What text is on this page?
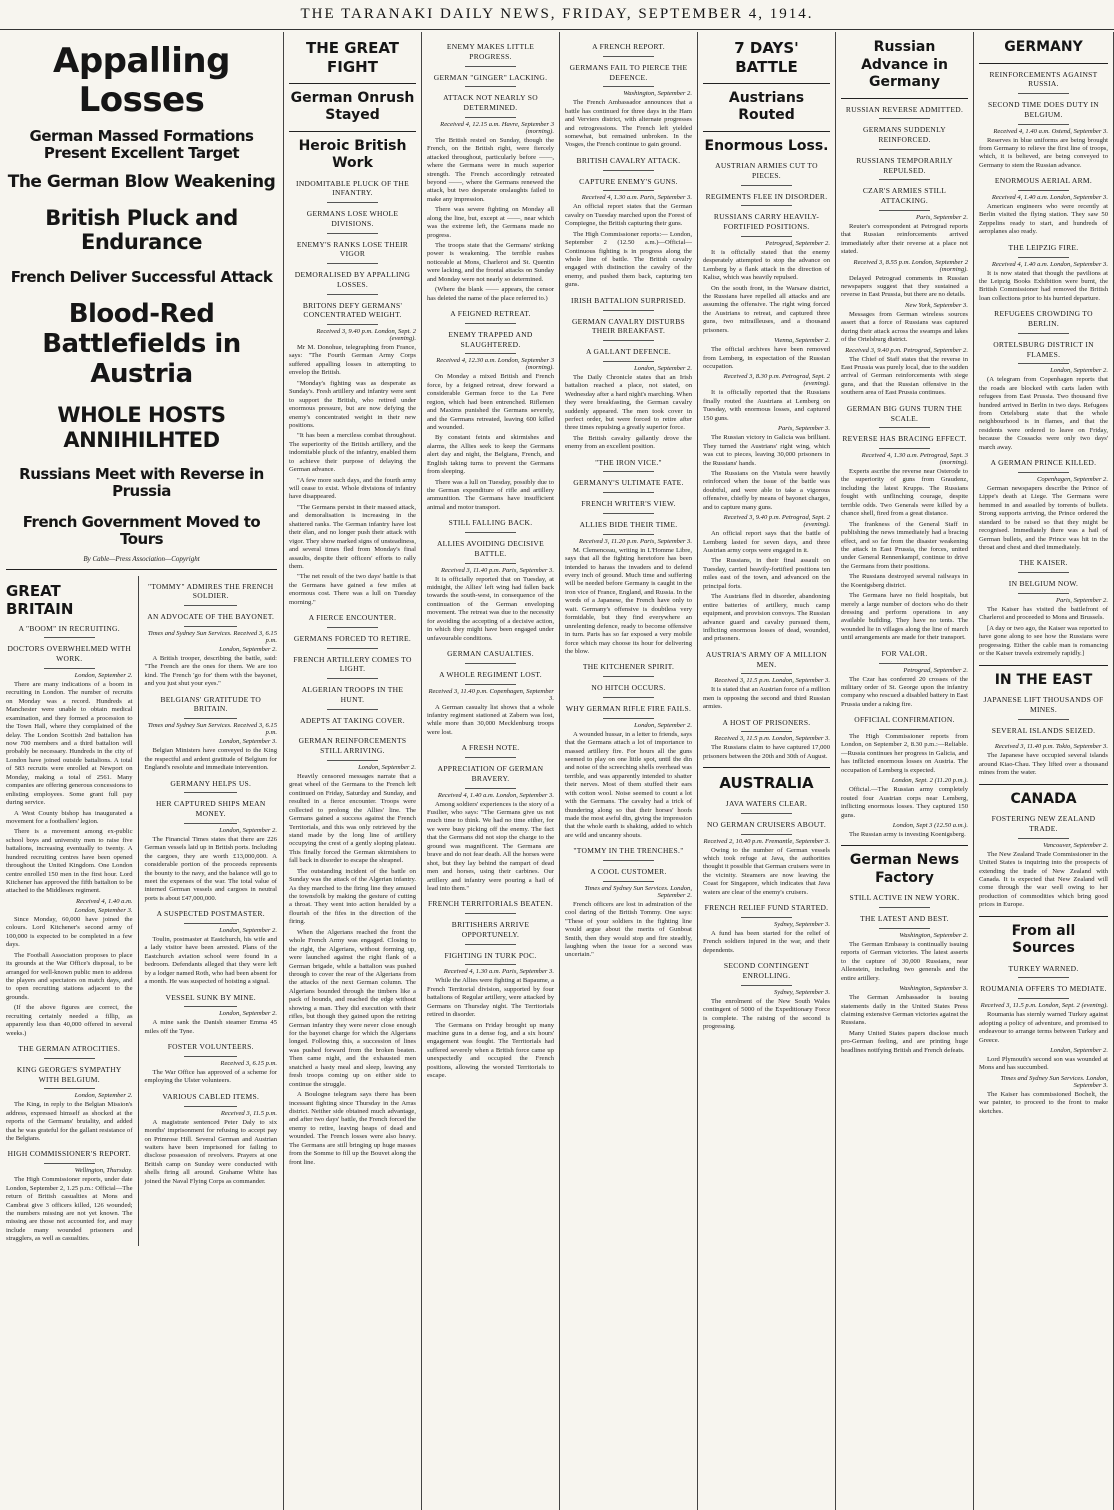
THE TARANAKI DAILY NEWS, FRIDAY, SEPTEMBER 4, 1914.
Appalling Losses
German Massed Formations Present Excellent Target
The German Blow Weakening
British Pluck and Endurance
French Deliver Successful Attack
Blood-Red Battlefields in Austria
WHOLE HOSTS ANNIHILHTED
Russians Meet with Reverse in Prussia
French Government Moved to Tours
By Cable—Press Association—Copyright
GREAT BRITAIN
A "BOOM" IN RECRUITING.
DOCTORS OVERWHELMED WITH WORK.
London, September 2.

There are many indications of a boom in recruiting in London. The number of recruits on Monday was a record. Hundreds at Manchester were unable to obtain medical examination, and they formed a procession to the Town Hall, where they complained of the delay. The London Scottish 2nd battalion has now 700 members and a third battalion will probably be necessary. Hundreds in the city of London have joined outside battalions. A total of 583 recruits were enrolled at Newport on Monday, making a total of 2561. Many companies are offering generous concessions to enlisting employees. Some grant full pay during service.

A West County bishop has inaugurated a movement for a footballers' legion.

There is a movement among ex-public school boys and university men to raise five battalions, increasing eventually to twenty. A hundred recruiting centres have been opened throughout the United Kingdom. One London centre enrolled 150 men in the first hour. Lord Kitchener has approved the fifth battalion to be attached to the Middlesex regiment.

Received 4, 1.40 a.m.
London, September 3.

Since Monday, 60,000 have joined the colours. Lord Kitchener's second army of 100,000 is expected to be completed in a few days.

The Football Association proposes to place its grounds at the War Office's disposal, to be arranged for well-known public men to address the players and spectators on match days, and to open recruiting stations adjacent to the grounds.

(If the above figures are correct, the recruiting certainly needed a fillip, as apparently less than 40,000 offered in several weeks.)

THE GERMAN ATROCITIES.
KING GEORGE'S SYMPATHY WITH BELGIUM.
London, September 2.

The King, in reply to the Belgian Mission's address, expressed himself as shocked at the reports of the Germans' brutality, and added that he was grateful for the gallant resistance of the Belgians.

HIGH COMMISSIONER'S REPORT.
Wellington, Thursday.

The High Commissioner reports, under date London, September 2, 1.25 p.m.: Official—The return of British casualties at Mons and Cambrai give 3 officers killed, 126 wounded; the numbers missing are not yet known. The missing are those not accounted for, and may include many wounded prisoners and stragglers, as well as casualties.

"TOMMY" ADMIRES THE FRENCH SOLDIER.
AN ADVOCATE OF THE BAYONET.
Times and Sydney Sun Services. Received 3, 6.15 p.m.
London, September 2.

A British trooper, describing the battle, said: "The French are the ones for them. We are too kind. The French 'go for' them with the bayonet, and you just shut your eyes."

BELGIANS' GRATITUDE TO BRITAIN.
Times and Sydney Sun Services. Received 3, 6.15 p.m.
London, September 3.

Belgian Ministers have conveyed to the King the respectful and ardent gratitude of Belgium for England's resolute and immediate intervention.

GERMANY HELPS US.
HER CAPTURED SHIPS MEAN MONEY.
London, September 2.

The Financial Times states that there are 226 German vessels laid up in British ports. Including the cargoes, they are worth £13,000,000. A considerable portion of the proceeds represents the bounty to the navy, and the balance will go to meet the expenses of the war. The total value of interned German vessels and cargoes in neutral ports is about £47,000,000.

A SUSPECTED POSTMASTER.
London, September 2.

Toulin, postmaster at Eastchurch, his wife and a lady visitor have been arrested. Plans of the Eastchurch aviation school were found in a bedroom. Defendants alleged that they were left by a lodger named Roth, who had been absent for a month. He was suspected of hoisting a signal.

VESSEL SUNK BY MINE.
London, September 2.

A mine sank the Danish steamer Emma 45 miles off the Tyne.

FOSTER VOLUNTEERS.
Received 3, 6.15 p.m.

The War Office has approved of a scheme for employing the Ulster volunteers.

VARIOUS CABLED ITEMS.
Received 3, 11.5 p.m.

A magistrate sentenced Peter Daly to six months' imprisonment for refusing to accept pay on Primrose Hill. Several German and Austrian waiters have been imprisoned for failing to disclose possession of revolvers. Prayers at one British camp on Sunday were conducted with shells firing all around. Grahame White has joined the Naval Flying Corps as commander.

THE GREAT FIGHT
German Onrush Stayed
Heroic British Work
INDOMITABLE PLUCK OF THE INFANTRY.
GERMANS LOSE WHOLE DIVISIONS.
ENEMY'S RANKS LOSE THEIR VIGOR
DEMORALISED BY APPALLING LOSSES.
BRITONS DEFY GERMANS' CONCENTRATED WEIGHT.
Received 3, 9.40 p.m. London, Sept. 2 (evening).

Mr M. Donohue, telegraphing from France, says: "The Fourth German Army Corps suffered appalling losses in attempting to envelop the British.

"Monday's fighting was as desperate as Sunday's. Fresh artillery and infantry were sent to support the British, who retired under enormous pressure, but are now defying the enemy's concentrated weight in their new positions.

"It has been a merciless combat throughout. The superiority of the British artillery, and the indomitable pluck of the infantry, enabled them to achieve their purpose of delaying the German advance.

"A few more such days, and the fourth army will cease to exist. Whole divisions of infantry have disappeared.

"The Germans persist in their massed attack, and demoralisation is increasing in the shattered ranks. The German infantry have lost their élan, and no longer push their attack with vigor. They show marked signs of unsteadiness, and several times fled from Monday's final assaults, despite their officers' efforts to rally them.

"The net result of the two days' battle is that the Germans have gained a few miles at enormous cost. There was a lull on Tuesday morning."

A FIERCE ENCOUNTER.
GERMANS FORCED TO RETIRE.
FRENCH ARTILLERY COMES TO LIGHT.
ALGERIAN TROOPS IN THE HUNT.
ADEPTS AT TAKING COVER.
GERMAN REINFORCEMENTS STILL ARRIVING.
London, September 2.

Heavily censored messages narrate that a great wheel of the Germans to the French left continued on Friday, Saturday and Sunday, and resulted in a fierce encounter. Troops were collected to prolong the Allies' line. The Germans gained a success against the French Territorials, and this was only retrieved by the stand made by the long line of artillery occupying the crest of a gently sloping plateau. This finally forced the German skirmishers to fall back in disorder to escape the shrapnel.

The outstanding incident of the battle on Sunday was the attack of the Algerian infantry. As they marched to the firing line they amused the townsfolk by making the gesture of cutting a throat. They went into action heralded by a flourish of the fifes in the direction of the firing.

When the Algerians reached the front the whole French Army was engaged. Closing to the right, the Algerians, without forming up, were launched against the right flank of a German brigade, while a battalion was pushed through to cover the rear of the Algerians from the attacks of the next German column. The Algerians bounded through the timbers like a pack of hounds, and reached the edge without showing a man. They did execution with their rifles, but though they gained upon the retiring German infantry they were never close enough for the bayonet charge for which the Algerians longed. Following this, a succession of lines was pushed forward from the broken beaten. Then came night, and the exhausted men snatched a hasty meal and sleep, leaving any fresh troops coming up on either side to continue the struggle.

A Boulogne telegram says there has been incessant fighting since Thursday in the Arras district. Neither side obtained much advantage, and after two days' battle, the French forced the enemy to retire, leaving heaps of dead and wounded. The French losses were also heavy. The Germans are still bringing up huge masses from the Somme to fill up the Bouvet along the front line.

ENEMY MAKES LITTLE PROGRESS.
GERMAN "GINGER" LACKING.
ATTACK NOT NEARLY SO DETERMINED.
Received 4, 12.15 a.m. Havre, September 3 (morning).

The British rested on Sunday, though the French, on the British right, were fiercely attacked throughout, particularly before ——, where the Germans were in much superior strength. The French accordingly retreated beyond ——, where the Germans renewed the attack, but two desperate onslaughts failed to make any impression.

There was severe fighting on Monday all along the line, but, except at ——, near which was the extreme left, the Germans made no progress.

The troops state that the Germans' striking power is weakening. The terrible rushes noticeable at Mons, Charleroi and St. Quentin were lacking, and the frontal attacks on Sunday and Monday were not nearly so determined.

(Where the blank —— appears, the censor has deleted the name of the place referred to.)

A FEIGNED RETREAT.
ENEMY TRAPPED AND SLAUGHTERED.
Received 4, 12.30 a.m. London, September 3 (morning).

On Monday a mixed British and French force, by a feigned retreat, drew forward a considerable German force to the La Fere region, which had been entrenched. Riflemen and Maxims punished the Germans severely, and the Germans retreated, leaving 600 killed and wounded.

By constant feints and skirmishes and alarms, the Allies seek to keep the Germans alert day and night, the Belgians, French, and English taking turns to prevent the Germans from sleeping.

There was a lull on Tuesday, possibly due to the German expenditure of rifle and artillery ammunition. The Germans have insufficient animal and motor transport.

STILL FALLING BACK.
ALLIES AVOIDING DECISIVE BATTLE.
Received 3, 11.40 p.m. Paris, September 3.

It is officially reported that on Tuesday, at midnight, the Allies' left wing had fallen back towards the south-west, in consequence of the continuation of the German enveloping movement. The retreat was due to the necessity for avoiding the accepting of a decisive action, in which they might have been engaged under unfavourable conditions.

GERMAN CASUALTIES.
A WHOLE REGIMENT LOST.
Received 3, 11.40 p.m. Copenhagen, September 3.

A German casualty list shows that a whole infantry regiment stationed at Zabern was lost, while more than 30,000 Mecklenburg troops were lost.

A FRESH NOTE.
APPRECIATION OF GERMAN BRAVERY.
Received 4, 1.40 a.m. London, September 3.

Among soldiers' experiences is the story of a Fusilier, who says: "The Germans give us not much time to think. We had no time either, for we were busy picking off the enemy. The fact that the Germans did not stop the charge to the ground was magnificent. The Germans are brave and do not fear death. All the horses were shot, but they lay behind the rampart of dead men and horses, using their carbines. Our artillery and infantry were pouring a hail of lead into them."

FRENCH TERRITORIALS BEATEN.
BRITISHERS ARRIVE OPPORTUNELY.
FIGHTING IN TURK POC.
Received 4, 1.30 a.m. Paris, September 3.

While the Allies were fighting at Bapaume, a French Territorial division, supported by four battalions of Regular artillery, were attacked by Germans on Thursday night. The Territorials retired in disorder.

The Germans on Friday brought up many machine guns in a dense fog, and a six hours' engagement was fought. The Territorials had suffered severely when a British force came up unexpectedly and occupied the French positions, allowing the worsted Territorials to escape.

A FRENCH REPORT.
GERMANS FAIL TO PIERCE THE DEFENCE.
Washington, September 2.

The French Ambassador announces that a battle has continued for three days in the Ham and Verviers district, with alternate progresses and retrogressions. The French left yielded somewhat, but remained unbroken. In the Vosges, the French continue to gain ground.

BRITISH CAVALRY ATTACK.
CAPTURE ENEMY'S GUNS.
Received 4, 1.30 a.m. Paris, September 3.

An official report states that the German cavalry on Tuesday marched upon the Forest of Compiegne, the British capturing their guns.

The High Commissioner reports:— London, September 2 (12.50 a.m.)—Official—Continuous fighting is in progress along the whole line of battle. The British cavalry engaged with distinction the cavalry of the enemy, and pushed them back, capturing ten guns.

IRISH BATTALION SURPRISED.
GERMAN CAVALRY DISTURBS THEIR BREAKFAST.
A GALLANT DEFENCE.
London, September 2.

The Daily Chronicle states that an Irish battalion reached a place, not stated, on Wednesday after a hard night's marching. When they were breakfasting, the German cavalry suddenly appeared. The men took cover in perfect order, but were forced to retire after three times repulsing a greatly superior force.

The British cavalry gallantly drove the enemy from an excellent position.

"THE IRON VICE."
GERMANY'S ULTIMATE FATE.
FRENCH WRITER'S VIEW.
ALLIES BIDE THEIR TIME.
Received 3, 11.20 p.m. Paris, September 3.

M. Clemenceau, writing in L'Homme Libre, says that all the fighting heretofore has been intended to harass the invaders and to defend every inch of ground. Much time and suffering will be needed before Germany is caught in the iron vice of France, England, and Russia. In the words of a Japanese, the French have only to wait. Germany's offensive is doubtless very formidable, but they find everywhere an unrelenting defence, ready to become offensive in turn. Paris has so far exposed a very mobile force which may choose its hour for delivering the blow.

THE KITCHENER SPIRIT.
NO HITCH OCCURS.
WHY GERMAN RIFLE FIRE FAILS.
London, September 2.

A wounded hussar, in a letter to friends, says that the Germans attach a lot of importance to massed artillery fire. For hours all the guns seemed to play on one little spot, until the din and noise of the screeching shells overhead was terrible, and was apparently intended to shatter their nerves. Most of them stuffed their ears with cotton wool. Noise seemed to count a lot with the Germans. The cavalry had a trick of thundering along so that their horses' hoofs made the most awful din, giving the impression that the whole earth is shaking, added to which are wild and uncanny shouts.

"TOMMY IN THE TRENCHES."
A COOL CUSTOMER.
Times and Sydney Sun Services. London, September 2.

French officers are lost in admiration of the cool daring of the British Tommy. One says: "These of your soldiers in the fighting line would argue about the merits of Gunboat Smith, then they would stop and fire steadily, laughing when the issue for a second was uncertain."

7 DAYS' BATTLE
Austrians Routed
Enormous Loss.
AUSTRIAN ARMIES CUT TO PIECES.
REGIMENTS FLEE IN DISORDER.
RUSSIANS CARRY HEAVILY-FORTIFIED POSITIONS.
Petrograd, September 2.

It is officially stated that the enemy desperately attempted to stop the advance on Lemberg by a flank attack in the direction of Kalisz, which was heavily repulsed.

On the south front, in the Warsaw district, the Russians have repelled all attacks and are assuming the offensive. The right wing forced the Austrians to retreat, and captured three guns, two mitrailleuses, and a thousand prisoners.

Vienna, September 2.

The official archives have been removed from Lemberg, in expectation of the Russian occupation.

Received 3, 8.30 p.m. Petrograd, Sept. 2 (evening).

It is officially reported that the Russians finally routed the Austrians at Lemberg on Tuesday, with enormous losses, and captured 150 guns.

Paris, September 3.

The Russian victory in Galicia was brilliant. They turned the Austrians' right wing, which was cut to pieces, leaving 30,000 prisoners in the Russians' hands.

The Russians on the Vistula were heavily reinforced when the issue of the battle was doubtful, and were able to take a vigorous offensive, chiefly by means of bayonet charges, and to capture many guns.

Received 3, 9.40 p.m. Petrograd, Sept. 2 (evening).

An official report says that the battle of Lemberg lasted for seven days, and three Austrian army corps were engaged in it.

The Russians, in their final assault on Tuesday, carried heavily-fortified positions ten miles east of the town, and advanced on the principal forts.

The Austrians fled in disorder, abandoning entire batteries of artillery, much camp equipment, and provision convoys. The Russian advance guard and cavalry pursued them, inflicting enormous losses of dead, wounded, and prisoners.

AUSTRIA'S ARMY OF A MILLION MEN.
Received 3, 11.5 p.m. London, September 3.

It is stated that an Austrian force of a million men is opposing the second and third Russian armies.

A HOST OF PRISONERS.
Received 3, 11.5 p.m. London, September 3.

The Russians claim to have captured 17,000 prisoners between the 20th and 30th of August.

AUSTRALIA
JAVA WATERS CLEAR.
NO GERMAN CRUISERS ABOUT.
Received 2, 10.40 p.m. Fremantle, September 3.

Owing to the number of German vessels which took refuge at Java, the authorities thought it possible that German cruisers were in the vicinity. Steamers are now leaving the Coast for Singapore, which indicates that Java waters are clear of the enemy's cruisers.

FRENCH RELIEF FUND STARTED.
Sydney, September 3.

A fund has been started for the relief of French soldiers injured in the war, and their dependents.

SECOND CONTINGENT ENROLLING.
Sydney, September 3.

The enrolment of the New South Wales contingent of 5000 of the Expeditionary Force is complete. The raising of the second is progressing.

Russian Advance in Germany
RUSSIAN REVERSE ADMITTED.
GERMANS SUDDENLY REINFORCED.
RUSSIANS TEMPORARILY REPULSED.
CZAR'S ARMIES STILL ATTACKING.
Paris, September 2.

Reuter's correspondent at Petrograd reports that Russian reinforcements arrived immediately after their reverse at a place not stated.

Received 3, 8.55 p.m. London, September 2 (morning).

Delayed Petrograd comments in Russian newspapers suggest that they sustained a reverse in East Prussia, but there are no details.

New York, September 3.

Messages from German wireless sources assert that a force of Russians was captured during their attack across the swamps and lakes of the Ortelsburg district.

Received 3, 9.40 p.m. Petrograd, September 2.

The Chief of Staff states that the reverse in East Prussia was purely local, due to the sudden arrival of German reinforcements with siege guns, and that the Russian offensive in the southern area of East Prussia continues.

GERMAN BIG GUNS TURN THE SCALE.
REVERSE HAS BRACING EFFECT.
Received 4, 1.30 a.m. Petrograd, Sept. 3 (morning).

Experts ascribe the reverse near Osterode to the superiority of guns from Graudenz, including the latest Krupps. The Russians fought with unflinching courage, despite terrible odds. Two Generals were killed by a chance shell, fired from a great distance.

The frankness of the General Staff in publishing the news immediately had a bracing effect, and so far from the disaster weakening the attack in East Prussia, the forces, united under General Rennenkampf, continue to drive the Germans from their positions.

The Russians destroyed several railways in the Koenigsberg district.

The Germans have no field hospitals, but merely a large number of doctors who do their dressing and perform operations in any available building. They have no tents. The wounded lie in villages along the line of march until arrangements are made for their transport.

FOR VALOR.
Petrograd, September 2.

The Czar has conferred 20 crosses of the military order of St. George upon the infantry company who rescued a disabled battery in East Prussia under a raking fire.

OFFICIAL CONFIRMATION.

The High Commissioner reports from London, on September 2, 8.30 p.m.:—Reliable.—Russia continues her progress in Galicia, and has inflicted enormous losses on Austria. The occupation of Lemberg is expected.

London, Sept. 2 (11.20 p.m.).

Official.—The Russian army completely routed four Austrian corps near Lemberg, inflicting enormous losses. They captured 150 guns.

London, Sept 3 (12.50 a.m.).

The Russian army is investing Koenigsberg.

German News Factory
STILL ACTIVE IN NEW YORK.
THE LATEST AND BEST.
Washington, September 2.

The German Embassy is continually issuing reports of German victories. The latest asserts to the capture of 30,000 Russians, near Allenstein, including two generals and the entire artillery.

Washington, September 3.

The German Ambassador is issuing statements daily in the United States Press claiming extensive German victories against the Russians.

Many United States papers disclose much pro-German feeling, and are printing huge headlines notifying British and French defeats.

GERMANY
REINFORCEMENTS AGAINST RUSSIA.
SECOND TIME DOES DUTY IN BELGIUM.
Received 4, 1.40 a.m. Ostend, September 3.

Reserves in blue uniforms are being brought from Germany to relieve the first line of troops, which, it is believed, are being conveyed to Germany to stem the Russian advance.

ENORMOUS AERIAL ARM.
Received 4, 1.40 a.m. London, September 3.

American engineers who were recently at Berlin visited the flying station. They saw 50 Zeppelins ready to start, and hundreds of aeroplanes also ready.

THE LEIPZIG FIRE.
Received 4, 1.40 a.m. London, September 3.

It is now stated that though the pavilions at the Leipzig Books Exhibition were burnt, the British Commissioner had removed the British loan collections prior to his hurried departure.

REFUGEES CROWDING TO BERLIN.
ORTELSBURG DISTRICT IN FLAMES.
London, September 2.

(A telegram from Copenhagen reports that the roads are blocked with carts laden with refugees from East Prussia. Two thousand five hundred arrived in Berlin in two days. Refugees from Ortelsburg state that the whole neighbourhood is in flames, and that the residents were ordered to leave on Friday, because the Cossacks were only two days' march away.

A GERMAN PRINCE KILLED.
Copenhagen, September 2.

German newspapers describe the Prince of Lippe's death at Liege. The Germans were hemmed in and assailed by torrents of bullets. Strong supports arriving, the Prince ordered the standard to be raised so that they might be recognised. Immediately there was a hail of German bullets, and the Prince was hit in the throat and chest and died immediately.

THE KAISER.
IN BELGIUM NOW.
Paris, September 2.

The Kaiser has visited the battlefront of Charleroi and proceeded to Mons and Brussels.

[A day or two ago, the Kaiser was reported to have gone along to see how the Russians were progressing. Either the cable man is romancing or the Kaiser travels extremely rapidly.]

IN THE EAST
JAPANESE LIFT THOUSANDS OF MINES.
SEVERAL ISLANDS SEIZED.
Received 3, 11.40 p.m. Tokio, September 3.

The Japanese have occupied several islands around Kiao-Chau. They lifted over a thousand mines from the water.

CANADA
FOSTERING NEW ZEALAND TRADE.
Vancouver, September 2.

The New Zealand Trade Commissioner in the United States is inquiring into the prospects of extending the trade of New Zealand with Canada. It is expected that New Zealand will come through the war well owing to her production of commodities which bring good prices in Europe.

From all Sources
TURKEY WARNED.
ROUMANIA OFFERS TO MEDIATE.
Received 3, 11.5 p.m. London, Sept. 2 (evening).

Roumania has sternly warned Turkey against adopting a policy of adventure, and promised to endeavour to arrange terms between Turkey and Greece.

London, September 2.

Lord Plymouth's second son was wounded at Mons and has succumbed.

Times and Sydney Sun Services. London, September 3.

The Kaiser has commissioned Bochelt, the war painter, to proceed to the front to make sketches.
